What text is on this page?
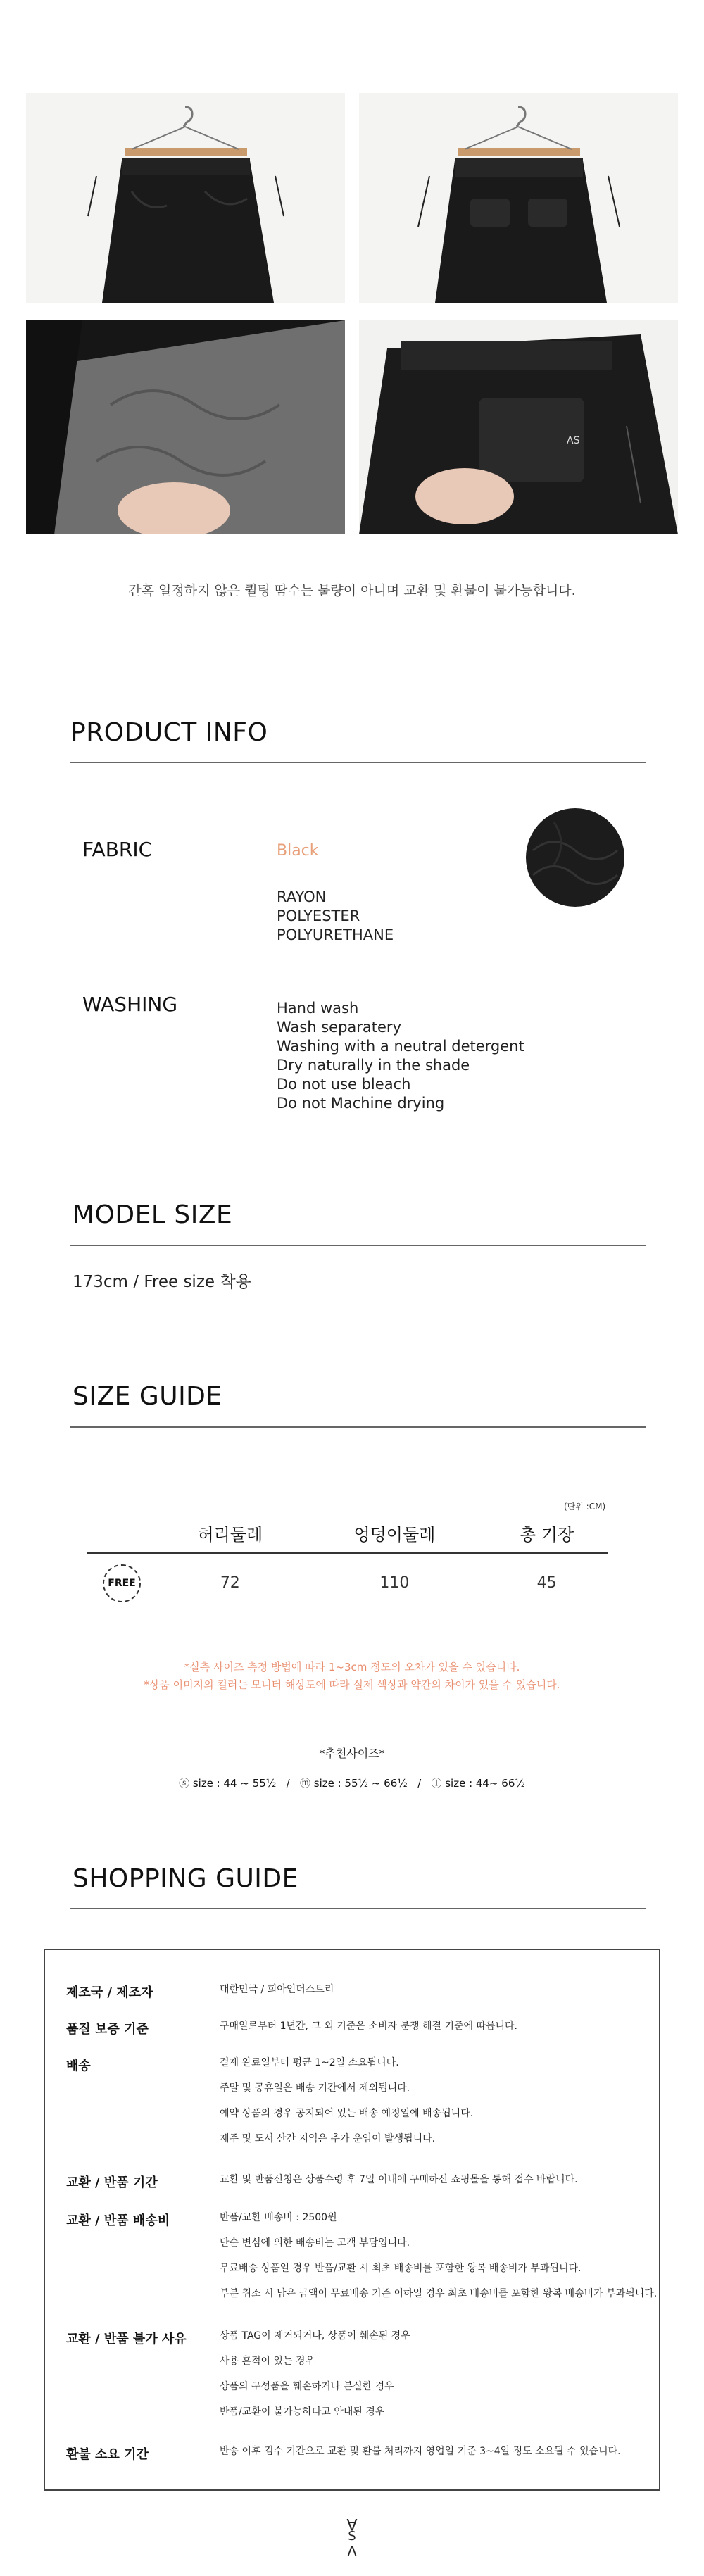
AS
간혹 일정하지 않은 퀼팅 땀수는 불량이 아니며 교환 및 환불이 불가능합니다.
PRODUCT INFO
FABRIC	Black
RAYON
POLYESTER
POLYURETHANE
WASHING	Hand wash
Wash separatery
Washing with a neutral detergent
Dry naturally in the shade
Do not use bleach
Do not Machine drying
MODEL SIZE
173cm / Free size 착용
SIZE GUIDE
(단위 :CM)
	허리둘레	엉덩이둘레	총 기장
FREE	72	110	45
*실측 사이즈 측정 방법에 따라 1~3cm 정도의 오차가 있을 수 있습니다.
*상품 이미지의 컬러는 모니터 해상도에 따라 실제 색상과 약간의 차이가 있을 수 있습니다.
*추천사이즈*
ⓢ size : 44 ~ 55½   /   ⓜ size : 55½ ~ 66½   /   ⓛ size : 44~ 66½
SHOPPING GUIDE
제조국 / 제조자	대한민국 / 희아인더스트리
품질 보증 기준	구매일로부터 1년간, 그 외 기준은 소비자 분쟁 해결 기준에 따릅니다.
배송	결제 완료일부터 평균 1~2일 소요됩니다.
주말 및 공휴일은 배송 기간에서 제외됩니다.
예약 상품의 경우 공지되어 있는 배송 예정일에 배송됩니다.
제주 및 도서 산간 지역은 추가 운임이 발생됩니다.
교환 / 반품 기간	교환 및 반품신청은 상품수령 후 7일 이내에 구매하신 쇼핑몰을 통해 접수 바랍니다.
교환 / 반품 배송비	반품/교환 배송비 : 2500원
단순 변심에 의한 배송비는 고객 부담입니다.
무료배송 상품일 경우 반품/교환 시 최초 배송비를 포함한 왕복 배송비가 부과됩니다.
부분 취소 시 남은 금액이 무료배송 기준 이하일 경우 최초 배송비를 포함한 왕복 배송비가 부과됩니다.
교환 / 반품 불가 사유	상품 TAG이 제거되거나, 상품이 훼손된 경우
사용 흔적이 있는 경우
상품의 구성품을 훼손하거나 분실한 경우
반품/교환이 불가능하다고 안내된 경우
환불 소요 기간	반송 이후 검수 기간으로 교환 및 환불 처리까지 영업일 기준 3~4일 정도 소요될 수 있습니다.
A
S
V
